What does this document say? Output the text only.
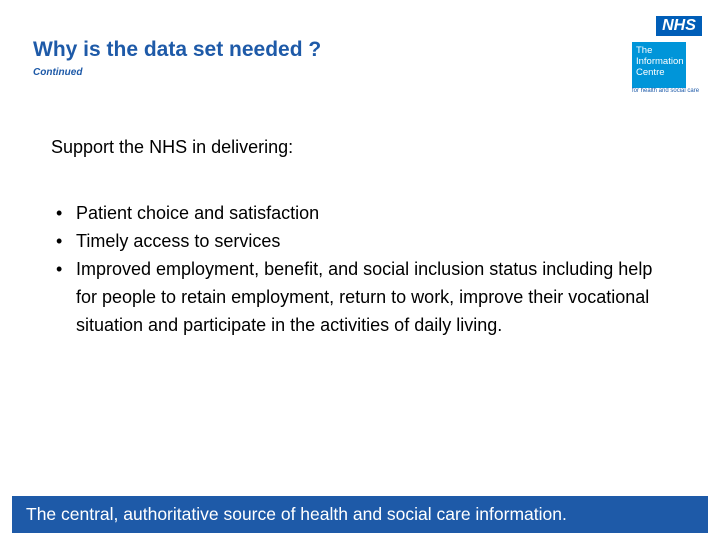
Why is the data set needed ?
Continued
NHS
The
Information
Centre
for health and social care
Support the NHS in delivering:
• Patient choice and satisfaction
• Timely access to services
• Improved employment, benefit, and social inclusion status including help for people to retain employment, return to work, improve their vocational situation and participate in the activities of daily living.
The central, authoritative source of health and social care information.
